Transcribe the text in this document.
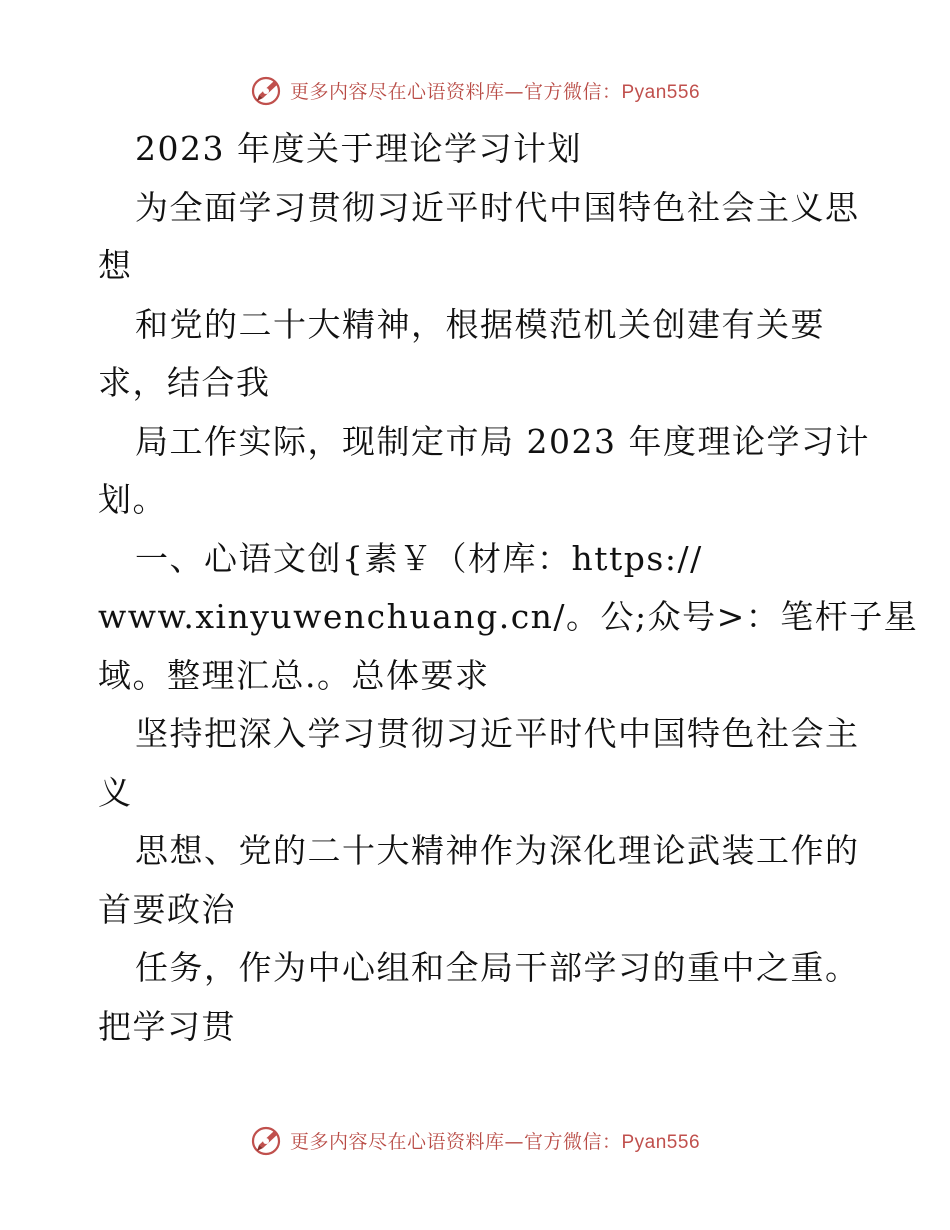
更多内容尽在心语资料库—官方微信：Pyan556
2023 年度关于理论学习计划
为全面学习贯彻习近平时代中国特色社会主义思
想
和党的二十大精神，根据模范机关创建有关要
求，结合我
局工作实际，现制定市局 2023 年度理论学习计
划。
一、心语文创{素￥（材库：https://
www.xinyuwenchuang.cn/。公;众号>：笔杆子星
域。整理汇总.。总体要求
坚持把深入学习贯彻习近平时代中国特色社会主
义
思想、党的二十大精神作为深化理论武装工作的
首要政治
任务，作为中心组和全局干部学习的重中之重。
把学习贯
更多内容尽在心语资料库—官方微信：Pyan556
